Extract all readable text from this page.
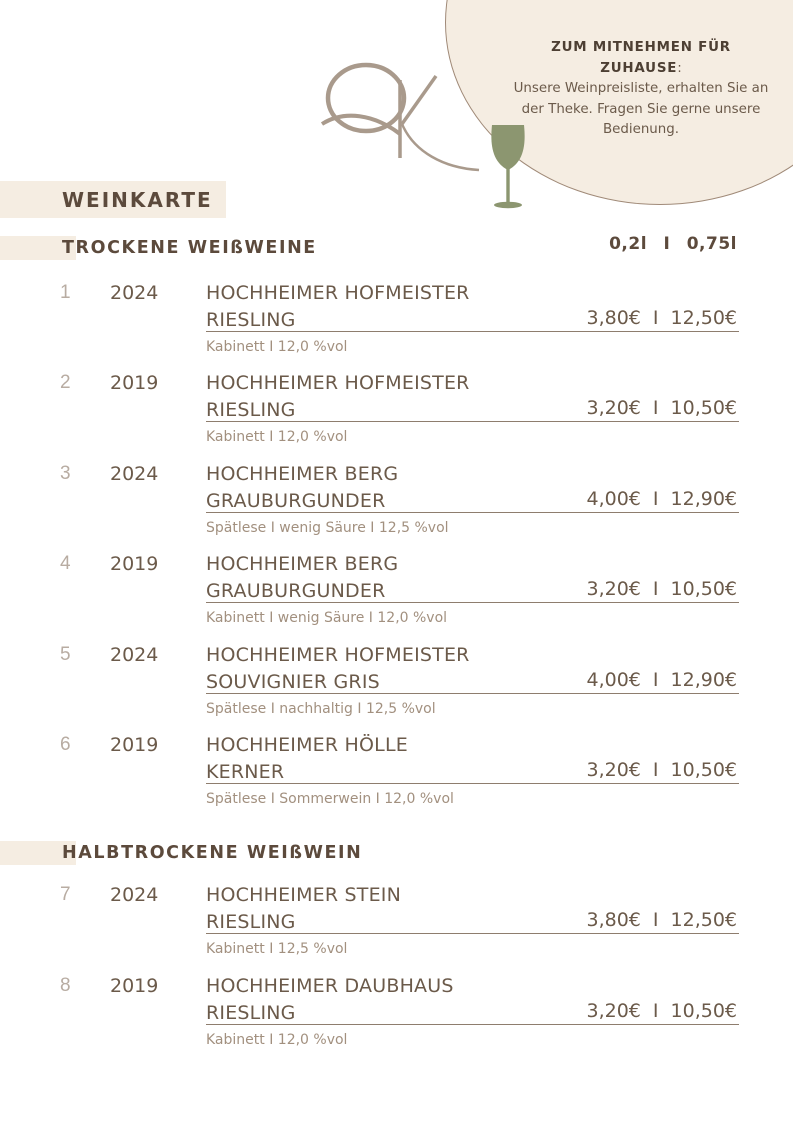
ZUM MITNEHMEN FÜR ZUHAUSE:
Unsere Weinpreisliste, erhalten Sie an der Theke. Fragen Sie gerne unsere Bedienung.
WEINKARTE
0,2l I 0,75l
TROCKENE WEIßWEINE
1 2024	HOCHHEIMER HOFMEISTER
RIESLING	3,80€ I 12,50€
Kabinett I 12,0 %vol
2 2019	HOCHHEIMER HOFMEISTER
RIESLING	3,20€ I 10,50€
Kabinett I 12,0 %vol
3 2024	HOCHHEIMER BERG
GRAUBURGUNDER	4,00€ I 12,90€
Spätlese I wenig Säure I 12,5 %vol
4 2019	HOCHHEIMER BERG
GRAUBURGUNDER	3,20€ I 10,50€
Kabinett I wenig Säure I 12,0 %vol
5 2024	HOCHHEIMER HOFMEISTER
SOUVIGNIER GRIS	4,00€ I 12,90€
Spätlese I nachhaltig I 12,5 %vol
6 2019	HOCHHEIMER HÖLLE
KERNER	3,20€ I 10,50€
Spätlese I Sommerwein I 12,0 %vol
HALBTROCKENE WEIßWEIN
7 2024	HOCHHEIMER STEIN
RIESLING	3,80€ I 12,50€
Kabinett I 12,5 %vol
8 2019	HOCHHEIMER DAUBHAUS
RIESLING	3,20€ I 10,50€
Kabinett I 12,0 %vol
